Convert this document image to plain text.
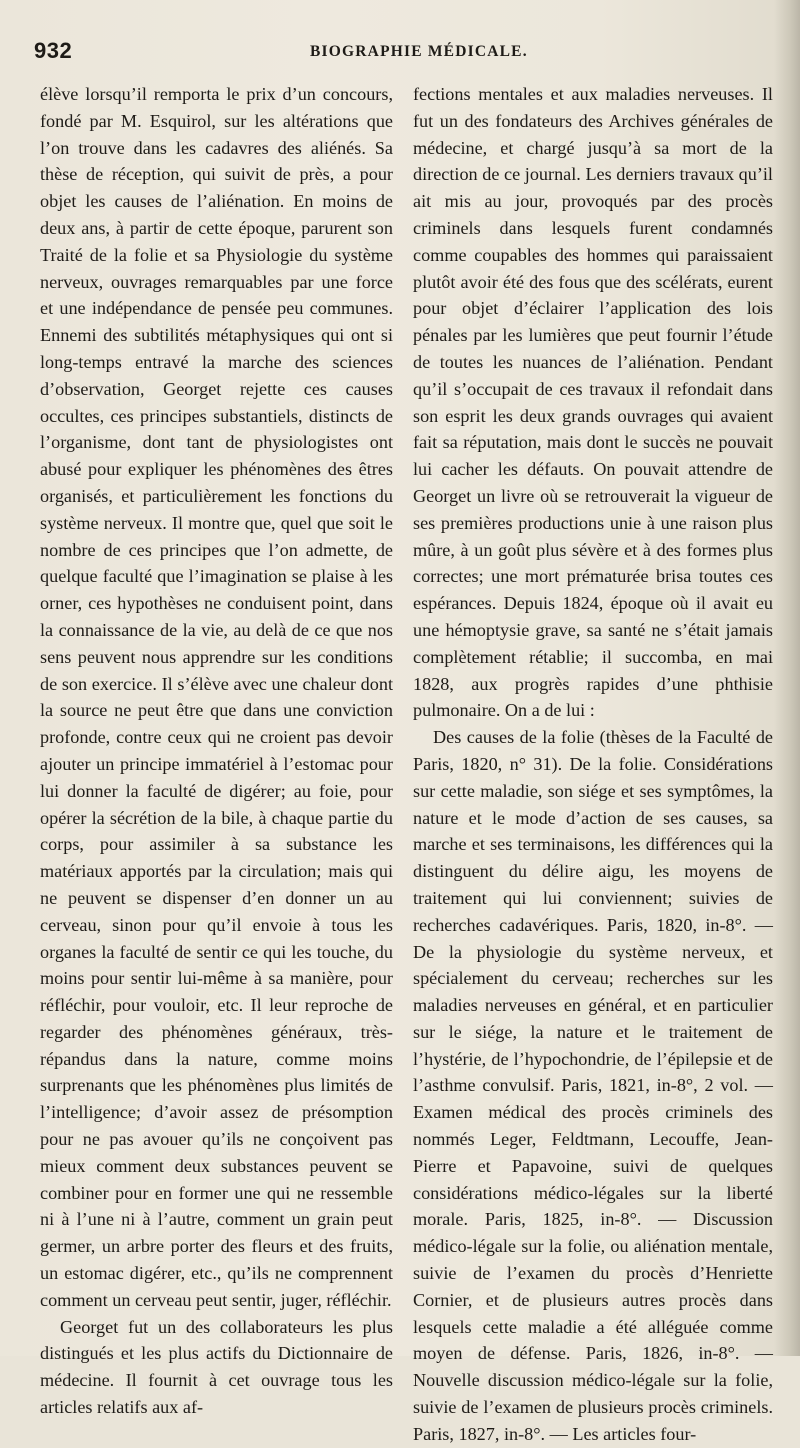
932	BIOGRAPHIE MÉDICALE.

élève lorsqu’il remporta le prix d’un concours, fondé par M. Esquirol, sur les altérations que l’on trouve dans les cadavres des aliénés. Sa thèse de réception, qui suivit de près, a pour objet les causes de l’aliénation. En moins de deux ans, à partir de cette époque, parurent son Traité de la folie et sa Physiologie du système nerveux, ouvrages remarquables par une force et une indépendance de pensée peu communes. Ennemi des subtilités métaphysiques qui ont si long-temps entravé la marche des sciences d’observation, Georget rejette ces causes occultes, ces principes substantiels, distincts de l’organisme, dont tant de physiologistes ont abusé pour expliquer les phénomènes des êtres organisés, et particulièrement les fonctions du système nerveux. Il montre que, quel que soit le nombre de ces principes que l’on admette, de quelque faculté que l’imagination se plaise à les orner, ces hypothèses ne conduisent point, dans la connaissance de la vie, au delà de ce que nos sens peuvent nous apprendre sur les conditions de son exercice. Il s’élève avec une chaleur dont la source ne peut être que dans une conviction profonde, contre ceux qui ne croient pas devoir ajouter un principe immatériel à l’estomac pour lui donner la faculté de digérer; au foie, pour opérer la sécrétion de la bile, à chaque partie du corps, pour assimiler à sa substance les matériaux apportés par la circulation; mais qui ne peuvent se dispenser d’en donner un au cerveau, sinon pour qu’il envoie à tous les organes la faculté de sentir ce qui les touche, du moins pour sentir lui-même à sa manière, pour réfléchir, pour vouloir, etc. Il leur reproche de regarder des phénomènes généraux, très-répandus dans la nature, comme moins surprenants que les phénomènes plus limités de l’intelligence; d’avoir assez de présomption pour ne pas avouer qu’ils ne conçoivent pas mieux comment deux substances peuvent se combiner pour en former une qui ne ressemble ni à l’une ni à l’autre, comment un grain peut germer, un arbre porter des fleurs et des fruits, un estomac digérer, etc., qu’ils ne comprennent comment un cerveau peut sentir, juger, réfléchir.

Georget fut un des collaborateurs les plus distingués et les plus actifs du Dictionnaire de médecine. Il fournit à cet ouvrage tous les articles relatifs aux af-

fections mentales et aux maladies nerveuses. Il fut un des fondateurs des Archives générales de médecine, et chargé jusqu’à sa mort de la direction de ce journal. Les derniers travaux qu’il ait mis au jour, provoqués par des procès criminels dans lesquels furent condamnés comme coupables des hommes qui paraissaient plutôt avoir été des fous que des scélérats, eurent pour objet d’éclairer l’application des lois pénales par les lumières que peut fournir l’étude de toutes les nuances de l’aliénation. Pendant qu’il s’occupait de ces travaux il refondait dans son esprit les deux grands ouvrages qui avaient fait sa réputation, mais dont le succès ne pouvait lui cacher les défauts. On pouvait attendre de Georget un livre où se retrouverait la vigueur de ses premières productions unie à une raison plus mûre, à un goût plus sévère et à des formes plus correctes; une mort prématurée brisa toutes ces espérances. Depuis 1824, époque où il avait eu une hémoptysie grave, sa santé ne s’était jamais complètement rétablie; il succomba, en mai 1828, aux progrès rapides d’une phthisie pulmonaire. On a de lui :

Des causes de la folie (thèses de la Faculté de Paris, 1820, n° 31). De la folie. Considérations sur cette maladie, son siége et ses symptômes, la nature et le mode d’action de ses causes, sa marche et ses terminaisons, les différences qui la distinguent du délire aigu, les moyens de traitement qui lui conviennent; suivies de recherches cadavériques. Paris, 1820, in-8°. — De la physiologie du système nerveux, et spécialement du cerveau; recherches sur les maladies nerveuses en général, et en particulier sur le siége, la nature et le traitement de l’hystérie, de l’hypochondrie, de l’épilepsie et de l’asthme convulsif. Paris, 1821, in-8°, 2 vol. — Examen médical des procès criminels des nommés Leger, Feldtmann, Lecouffe, Jean-Pierre et Papavoine, suivi de quelques considérations médico-légales sur la liberté morale. Paris, 1825, in-8°. — Discussion médico-légale sur la folie, ou aliénation mentale, suivie de l’examen du procès d’Henriette Cornier, et de plusieurs autres procès dans lesquels cette maladie a été alléguée comme moyen de défense. Paris, 1826, in-8°. — Nouvelle discussion médico-légale sur la folie, suivie de l’examen de plusieurs procès criminels. Paris, 1827, in-8°. — Les articles four-
